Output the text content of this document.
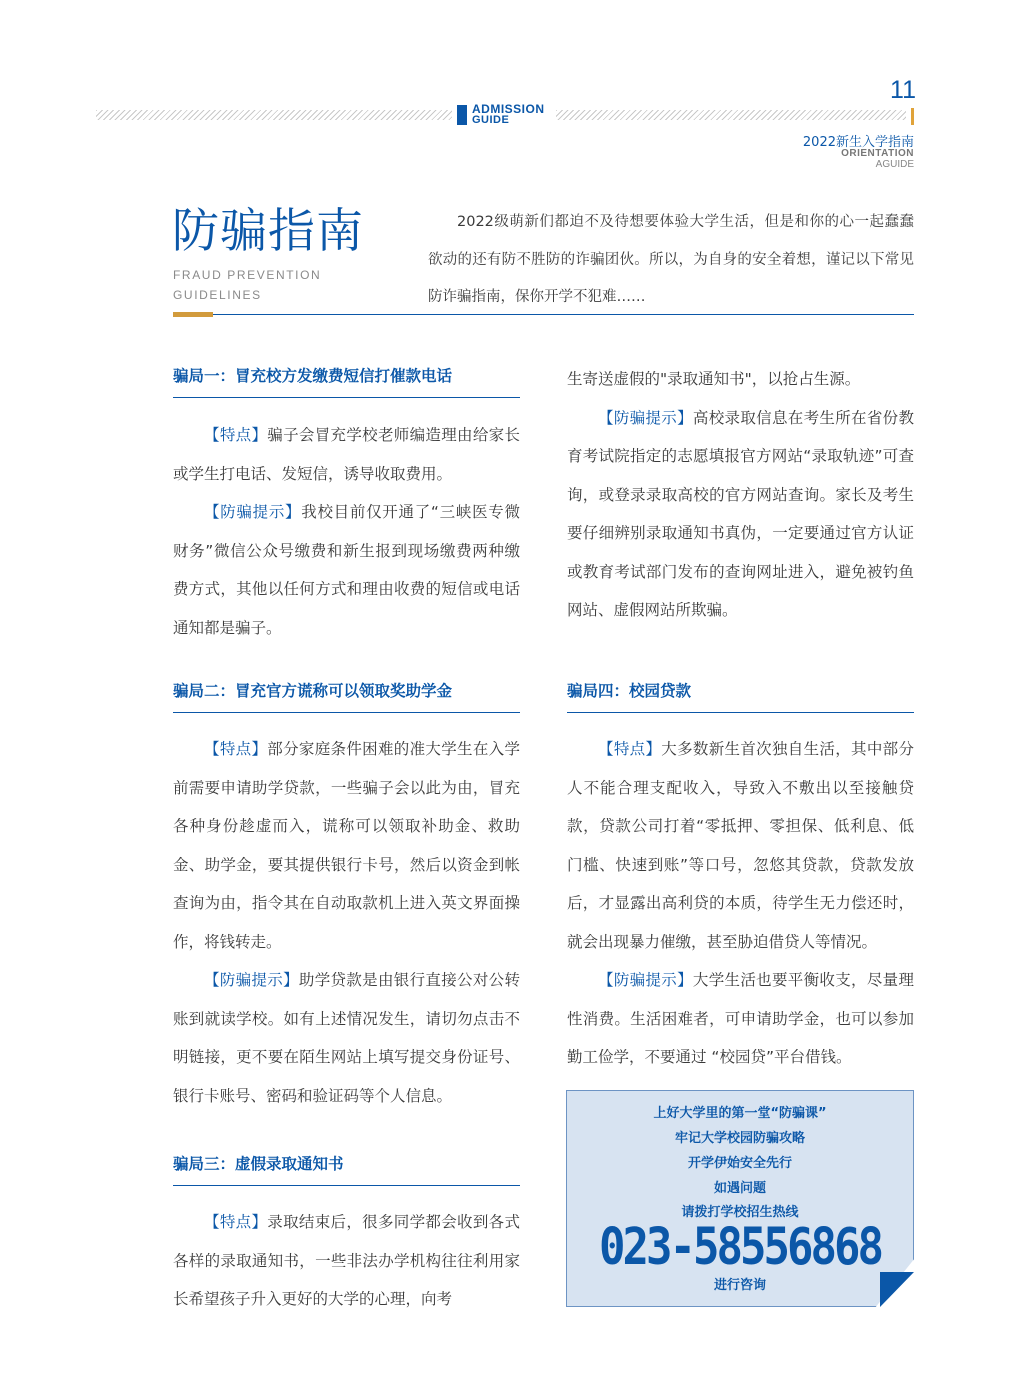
ADMISSION
GUIDE
11
2022新生入学指南
ORIENTATION
AGUIDE
防骗指南
FRAUD PREVENTION
GUIDELINES
2022级萌新们都迫不及待想要体验大学生活，但是和你的心一起蠢蠢欲动的还有防不胜防的诈骗团伙。所以，为自身的安全着想，谨记以下常见防诈骗指南，保你开学不犯难……
骗局一：冒充校方发缴费短信打催款电话

【特点】骗子会冒充学校老师编造理由给家长或学生打电话、发短信，诱导收取费用。

【防骗提示】我校目前仅开通了“三峡医专微财务”微信公众号缴费和新生报到现场缴费两种缴费方式，其他以任何方式和理由收费的短信或电话通知都是骗子。

骗局二：冒充官方谎称可以领取奖助学金

【特点】部分家庭条件困难的准大学生在入学前需要申请助学贷款，一些骗子会以此为由，冒充各种身份趁虚而入，谎称可以领取补助金、救助金、助学金，要其提供银行卡号，然后以资金到帐查询为由，指令其在自动取款机上进入英文界面操作，将钱转走。

【防骗提示】助学贷款是由银行直接公对公转账到就读学校。如有上述情况发生，请切勿点击不明链接，更不要在陌生网站上填写提交身份证号、银行卡账号、密码和验证码等个人信息。

骗局三：虚假录取通知书

【特点】录取结束后，很多同学都会收到各式各样的录取通知书，一些非法办学机构往往利用家长希望孩子升入更好的大学的心理，向考

生寄送虚假的"录取通知书"，以抢占生源。

【防骗提示】高校录取信息在考生所在省份教育考试院指定的志愿填报官方网站“录取轨迹”可查询，或登录录取高校的官方网站查询。家长及考生要仔细辨别录取通知书真伪，一定要通过官方认证或教育考试部门发布的查询网址进入，避免被钓鱼网站、虚假网站所欺骗。

骗局四：校园贷款

【特点】大多数新生首次独自生活，其中部分人不能合理支配收入，导致入不敷出以至接触贷款，贷款公司打着“零抵押、零担保、低利息、低门槛、快速到账”等口号，忽悠其贷款，贷款发放后，才显露出高利贷的本质，待学生无力偿还时，就会出现暴力催缴，甚至胁迫借贷人等情况。

【防骗提示】大学生活也要平衡收支，尽量理性消费。生活困难者，可申请助学金，也可以参加勤工俭学，不要通过 “校园贷”平台借钱。

上好大学里的第一堂“防骗课”
牢记大学校园防骗攻略
开学伊始安全先行
如遇问题
请拨打学校招生热线
023-58556868
进行咨询
